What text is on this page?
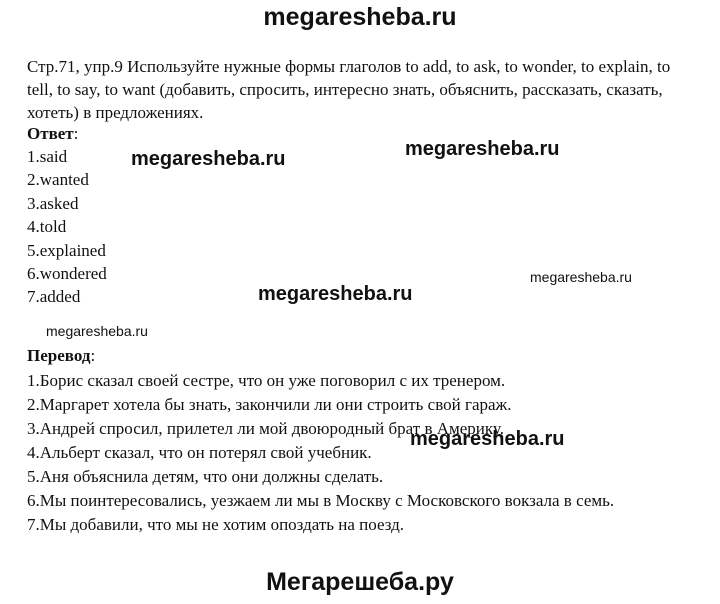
megaresheba.ru

Стр.71, упр.9 Используйте нужные формы глаголов to add, to ask, to wonder, to explain, to tell, to say, to want (добавить, спросить, интересно знать, объяснить, рассказать, сказать, хотеть) в предложениях.

Ответ:

1.said
2.wanted
3.asked
4.told
5.explained
6.wondered
7.added

Перевод:

1.Борис сказал своей сестре, что он уже поговорил с их тренером.
2.Маргарет хотела бы знать, закончили ли они строить свой гараж.
3.Андрей спросил, прилетел ли мой двоюродный брат в Америку.
4.Альберт сказал, что он потерял свой учебник.
5.Аня объяснила детям, что они должны сделать.
6.Мы поинтересовались, уезжаем ли мы в Москву с Московского вокзала в семь.
7.Мы добавили, что мы не хотим опоздать на поезд.
megaresheba.ru	megaresheba.ru
megaresheba.ru
megaresheba.ru
megaresheba.ru
megaresheba.ru
Мегарешеба.ру
